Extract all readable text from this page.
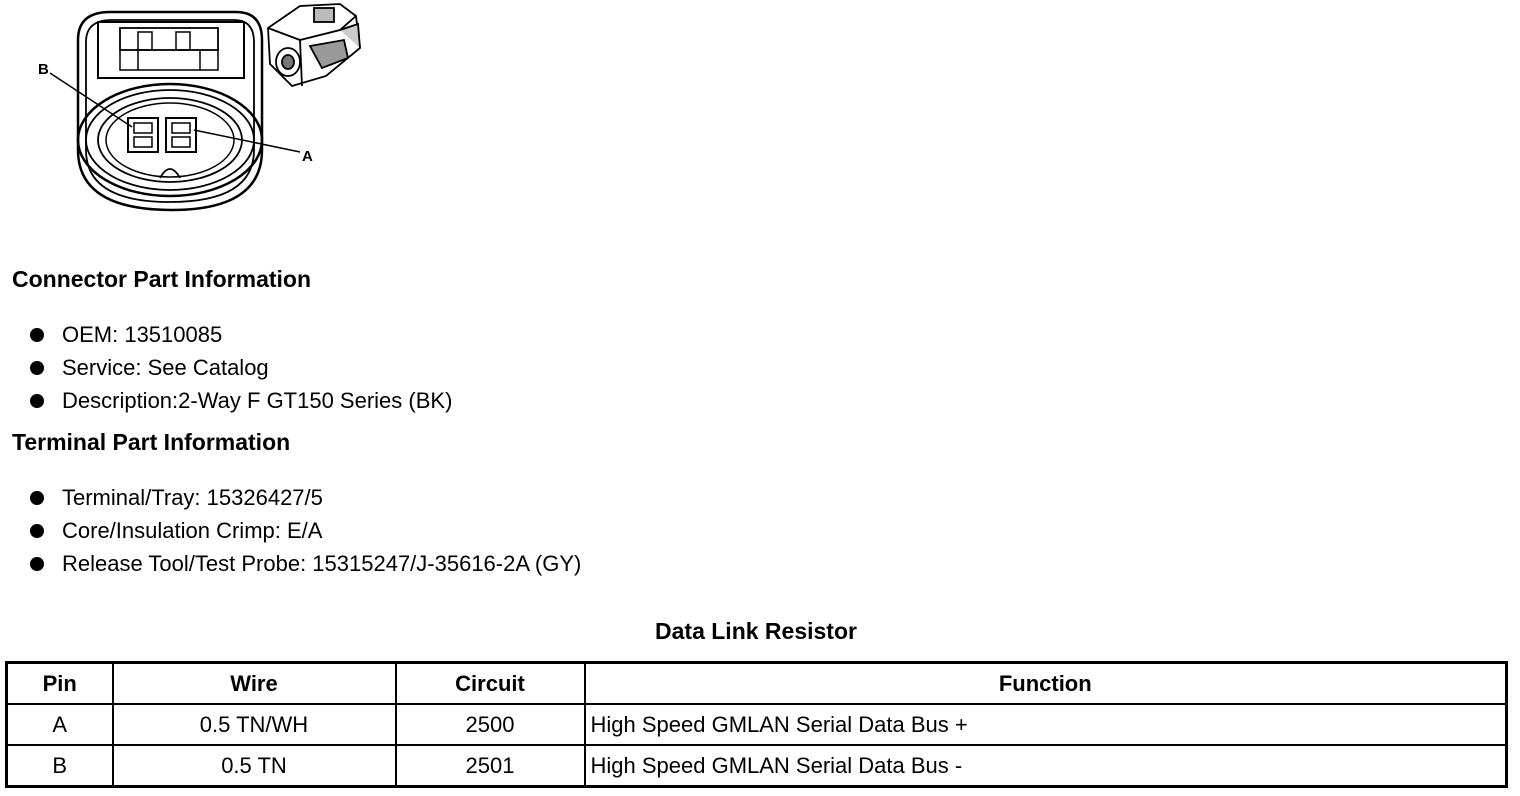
B
A
Connector Part Information
OEM: 13510085
Service: See Catalog
Description:2-Way F GT150 Series (BK)
Terminal Part Information
Terminal/Tray: 15326427/5
Core/Insulation Crimp: E/A
Release Tool/Test Probe: 15315247/J-35616-2A (GY)
Data Link Resistor
Pin	Wire	Circuit	Function
A	0.5 TN/WH	2500	High Speed GMLAN Serial Data Bus +
B	0.5 TN	2501	High Speed GMLAN Serial Data Bus -
